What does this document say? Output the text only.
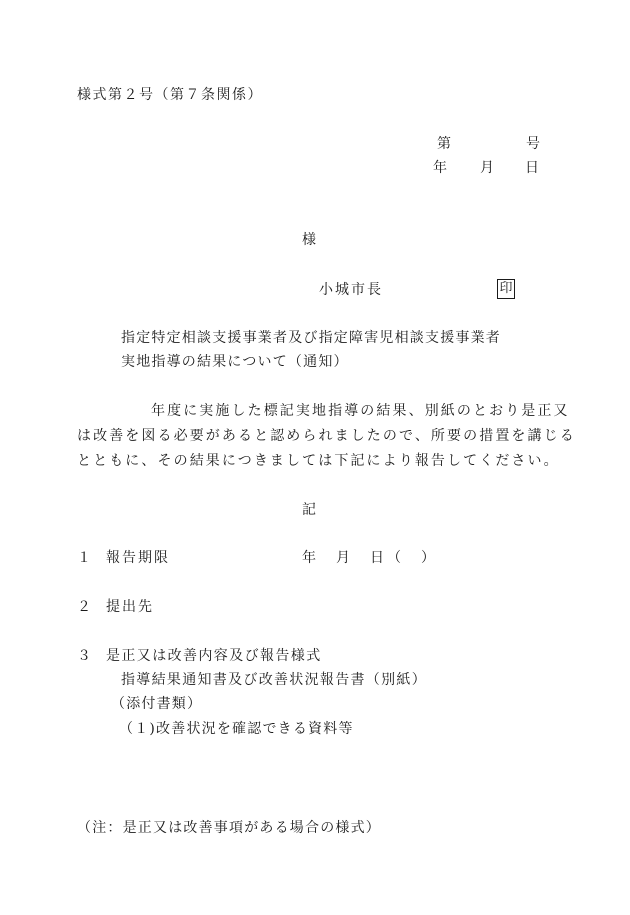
様式第２号（第７条関係）
第	号
年 月 日
様
小城市長	印
指定特定相談支援事業者及び指定障害児相談支援事業者
実地指導の結果について（通知）
年度に実施した標記実地指導の結果、別紙のとおり是正又
は改善を図る必要があると認められましたので、所要の措置を講じる
とともに、その結果につきましては下記により報告してください。
記
１ 報告期限	年　月　日（　）
２ 提出先
３ 是正又は改善内容及び報告様式
指導結果通知書及び改善状況報告書（別紙）
（添付書類）
（１)改善状況を確認できる資料等
（注：是正又は改善事項がある場合の様式）
